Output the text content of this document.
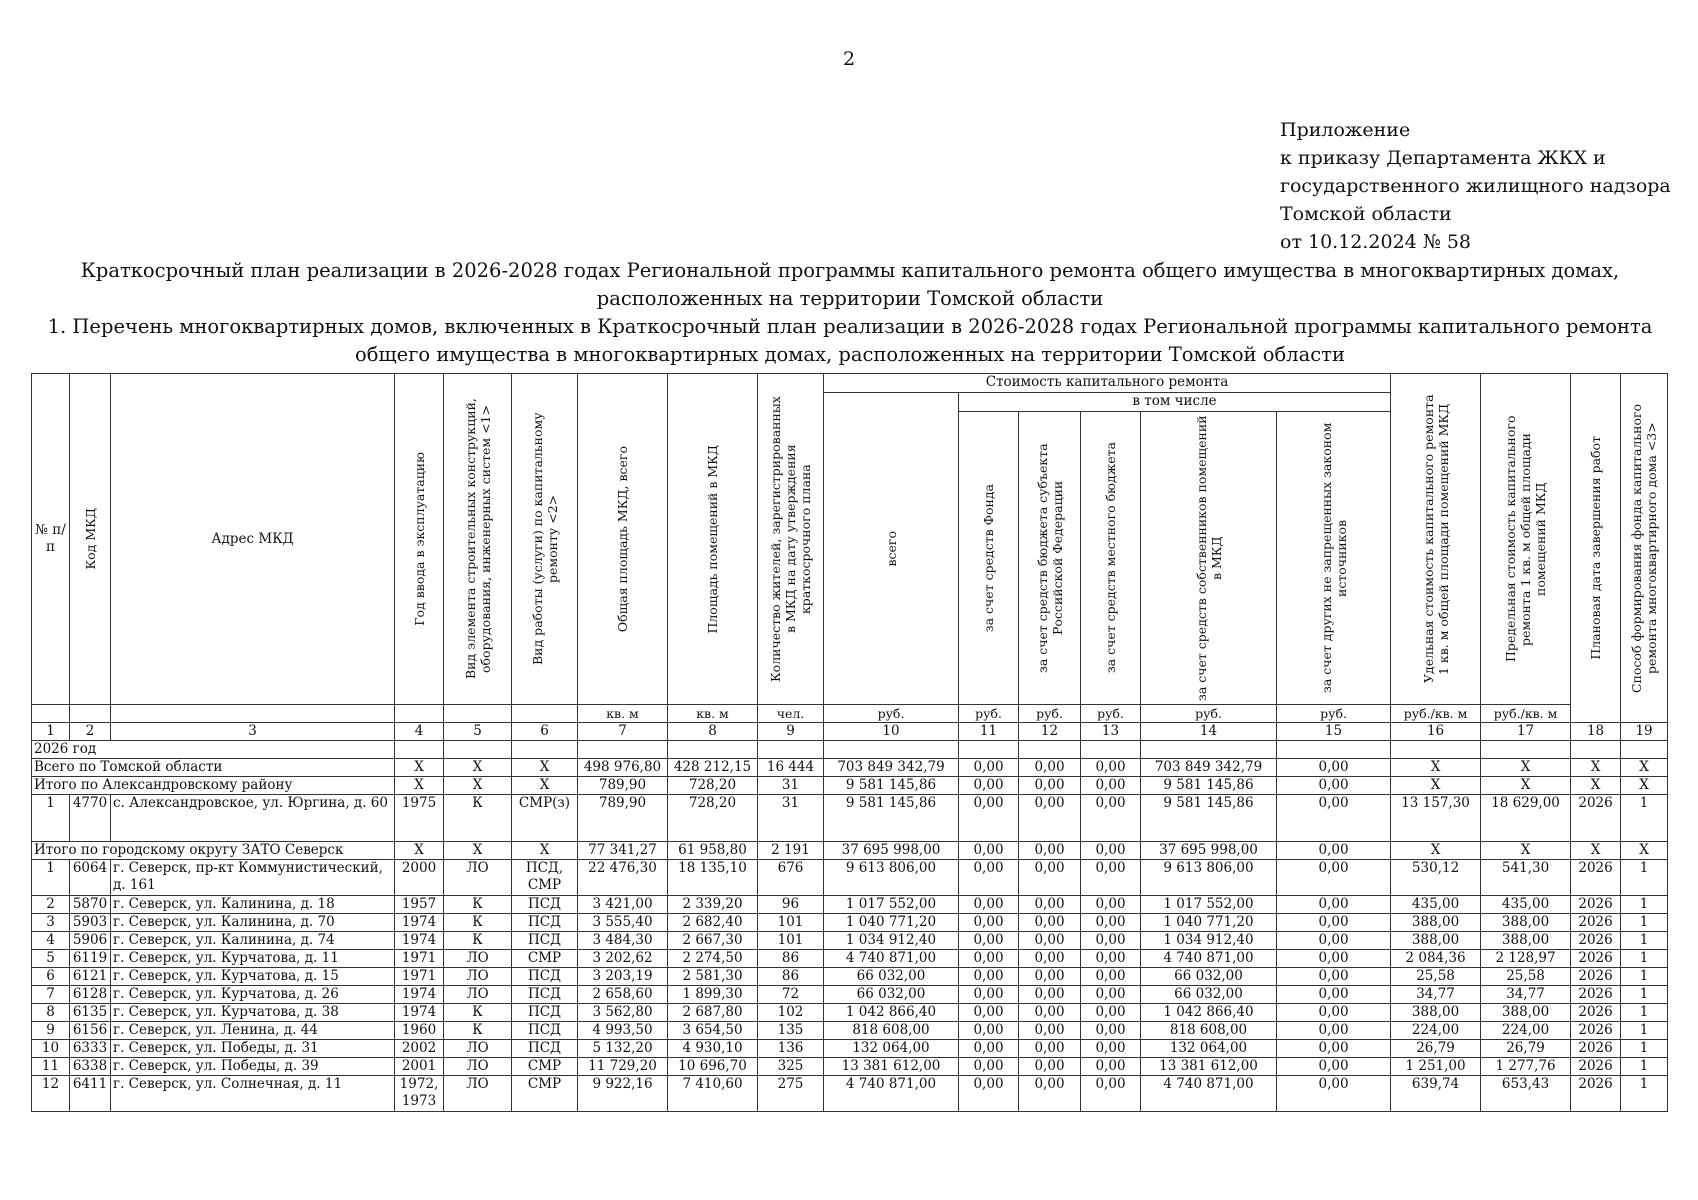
2
Приложение
к приказу Департамента ЖКХ и
государственного жилищного надзора
Томской области
от 10.12.2024 № 58
Краткосрочный план реализации в 2026-2028 годах Региональной программы капитального ремонта общего имущества в многоквартирных домах, расположенных на территории Томской области
1. Перечень многоквартирных домов, включенных в Краткосрочный план реализации в 2026-2028 годах Региональной программы капитального ремонта общего имущества в многоквартирных домах, расположенных на территории Томской области
№ п/п	Код МКД	Адрес МКД	Год ввода в эксплуатацию	Вид элемента строительных конструкций, оборудования, инженерных систем <1>	Вид работы (услуги) по капитальному ремонту <2>	Общая площадь МКД, всего	Площадь помещений в МКД	Количество жителей, зарегистрированных в МКД на дату утверждения краткосрочного плана	Стоимость капитального ремонта						Удельная стоимость капитального ремонта 1 кв. м общей площади помещений МКД	Предельная стоимость капитального ремонта 1 кв. м общей площади помещений МКД	Плановая дата завершения работ	Способ формирования фонда капитального ремонта многоквартирного дома <3>

									всего	в том числе								

										за счет средств Фонда	за счет средств бюджета субъекта Российской Федерации	за счет средств местного бюджета	за счет средств собственников помещений в МКД	за счет других не запрещенных законом источников				

						кв. м	кв. м	чел.	руб.	руб.	руб.	руб.	руб.	руб.	руб./кв. м	руб./кв. м		
1	2	3	4	5	6	7	8	9	10	11	12	13	14	15	16	17	18	19
2026 год																		
Всего по Томской области			Х	Х	Х	498 976,80	428 212,15	16 444	703 849 342,79	0,00	0,00	0,00	703 849 342,79	0,00	Х	Х	Х	Х
Итого по Александровскому району			Х	Х	Х	789,90	728,20	31	9 581 145,86	0,00	0,00	0,00	9 581 145,86	0,00	Х	Х	Х	Х
1	4770	с. Александровское, ул. Юргина, д. 60	1975	К	СМР(з)	789,90	728,20	31	9 581 145,86	0,00	0,00	0,00	9 581 145,86	0,00	13 157,30	18 629,00	2026	1
Итого по городскому округу ЗАТО Северск			Х	Х	Х	77 341,27	61 958,80	2 191	37 695 998,00	0,00	0,00	0,00	37 695 998,00	0,00	Х	Х	Х	Х
1	6064	г. Северск, пр-кт Коммунистический, д. 161	2000	ЛО	ПСД, СМР	22 476,30	18 135,10	676	9 613 806,00	0,00	0,00	0,00	9 613 806,00	0,00	530,12	541,30	2026	1
2	5870	г. Северск, ул. Калинина, д. 18	1957	К	ПСД	3 421,00	2 339,20	96	1 017 552,00	0,00	0,00	0,00	1 017 552,00	0,00	435,00	435,00	2026	1
3	5903	г. Северск, ул. Калинина, д. 70	1974	К	ПСД	3 555,40	2 682,40	101	1 040 771,20	0,00	0,00	0,00	1 040 771,20	0,00	388,00	388,00	2026	1
4	5906	г. Северск, ул. Калинина, д. 74	1974	К	ПСД	3 484,30	2 667,30	101	1 034 912,40	0,00	0,00	0,00	1 034 912,40	0,00	388,00	388,00	2026	1
5	6119	г. Северск, ул. Курчатова, д. 11	1971	ЛО	СМР	3 202,62	2 274,50	86	4 740 871,00	0,00	0,00	0,00	4 740 871,00	0,00	2 084,36	2 128,97	2026	1
6	6121	г. Северск, ул. Курчатова, д. 15	1971	ЛО	ПСД	3 203,19	2 581,30	86	66 032,00	0,00	0,00	0,00	66 032,00	0,00	25,58	25,58	2026	1
7	6128	г. Северск, ул. Курчатова, д. 26	1974	ЛО	ПСД	2 658,60	1 899,30	72	66 032,00	0,00	0,00	0,00	66 032,00	0,00	34,77	34,77	2026	1
8	6135	г. Северск, ул. Курчатова, д. 38	1974	К	ПСД	3 562,80	2 687,80	102	1 042 866,40	0,00	0,00	0,00	1 042 866,40	0,00	388,00	388,00	2026	1
9	6156	г. Северск, ул. Ленина, д. 44	1960	К	ПСД	4 993,50	3 654,50	135	818 608,00	0,00	0,00	0,00	818 608,00	0,00	224,00	224,00	2026	1
10	6333	г. Северск, ул. Победы, д. 31	2002	ЛО	ПСД	5 132,20	4 930,10	136	132 064,00	0,00	0,00	0,00	132 064,00	0,00	26,79	26,79	2026	1
11	6338	г. Северск, ул. Победы, д. 39	2001	ЛО	СМР	11 729,20	10 696,70	325	13 381 612,00	0,00	0,00	0,00	13 381 612,00	0,00	1 251,00	1 277,76	2026	1
12	6411	г. Северск, ул. Солнечная, д. 11	1972, 1973	ЛО	СМР	9 922,16	7 410,60	275	4 740 871,00	0,00	0,00	0,00	4 740 871,00	0,00	639,74	653,43	2026	1
